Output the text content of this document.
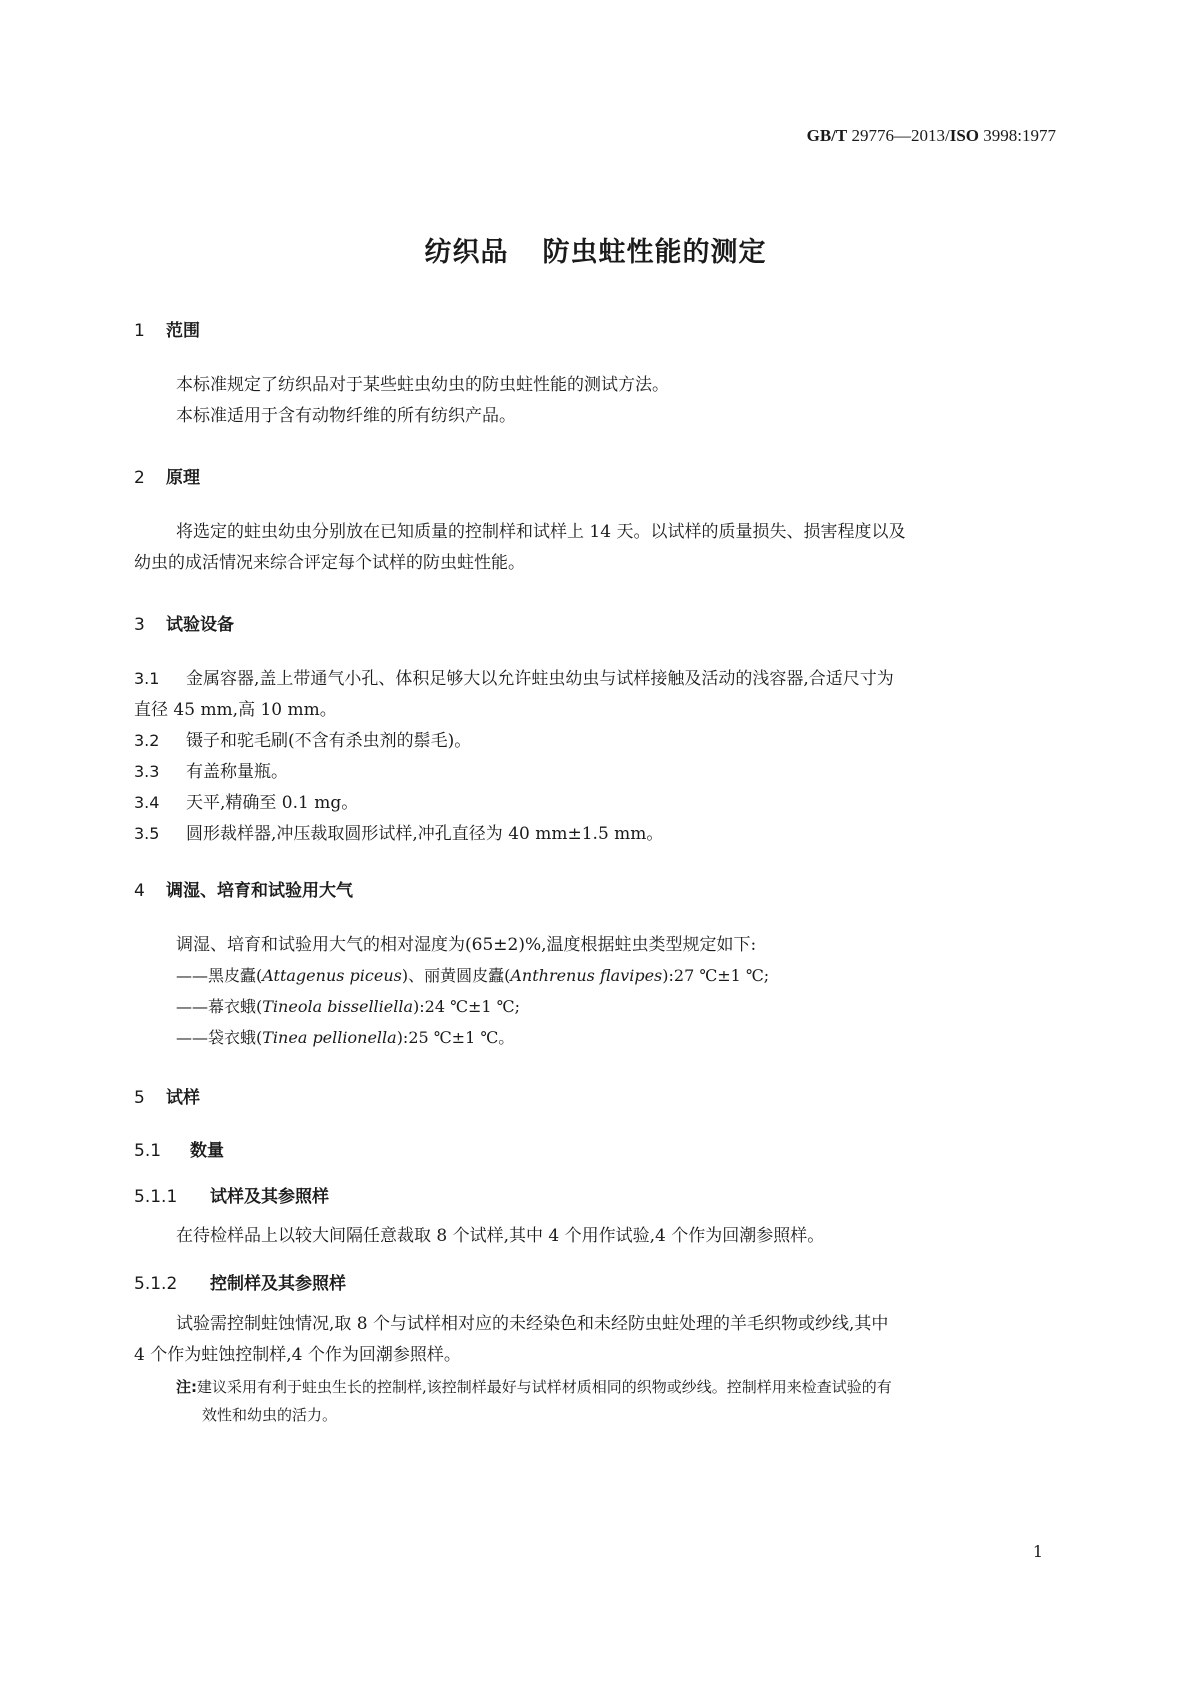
GB/T 29776—2013/ISO 3998:1977
纺织品 防虫蛀性能的测定
1 范围
本标准规定了纺织品对于某些蛀虫幼虫的防虫蛀性能的测试方法。
本标准适用于含有动物纤维的所有纺织产品。
2 原理
将选定的蛀虫幼虫分别放在已知质量的控制样和试样上 14 天。以试样的质量损失、损害程度以及
幼虫的成活情况来综合评定每个试样的防虫蛀性能。
3 试验设备
3.1 金属容器,盖上带通气小孔、体积足够大以允许蛀虫幼虫与试样接触及活动的浅容器,合适尺寸为
直径 45 mm,高 10 mm。
3.2 镊子和驼毛刷(不含有杀虫剂的鬃毛)。
3.3 有盖称量瓶。
3.4 天平,精确至 0.1 mg。
3.5 圆形裁样器,冲压裁取圆形试样,冲孔直径为 40 mm±1.5 mm。
4 调湿、培育和试验用大气
调湿、培育和试验用大气的相对湿度为(65±2)%,温度根据蛀虫类型规定如下:
——黑皮蠹(Attagenus piceus)、丽黄圆皮蠹(Anthrenus flavipes):27 ℃±1 ℃;
——幕衣蛾(Tineola bisselliella):24 ℃±1 ℃;
——袋衣蛾(Tinea pellionella):25 ℃±1 ℃。
5 试样
5.1 数量
5.1.1 试样及其参照样
在待检样品上以较大间隔任意裁取 8 个试样,其中 4 个用作试验,4 个作为回潮参照样。
5.1.2 控制样及其参照样
试验需控制蛀蚀情况,取 8 个与试样相对应的未经染色和未经防虫蛀处理的羊毛织物或纱线,其中
4 个作为蛀蚀控制样,4 个作为回潮参照样。
注:建议采用有利于蛀虫生长的控制样,该控制样最好与试样材质相同的织物或纱线。控制样用来检查试验的有
效性和幼虫的活力。
1
